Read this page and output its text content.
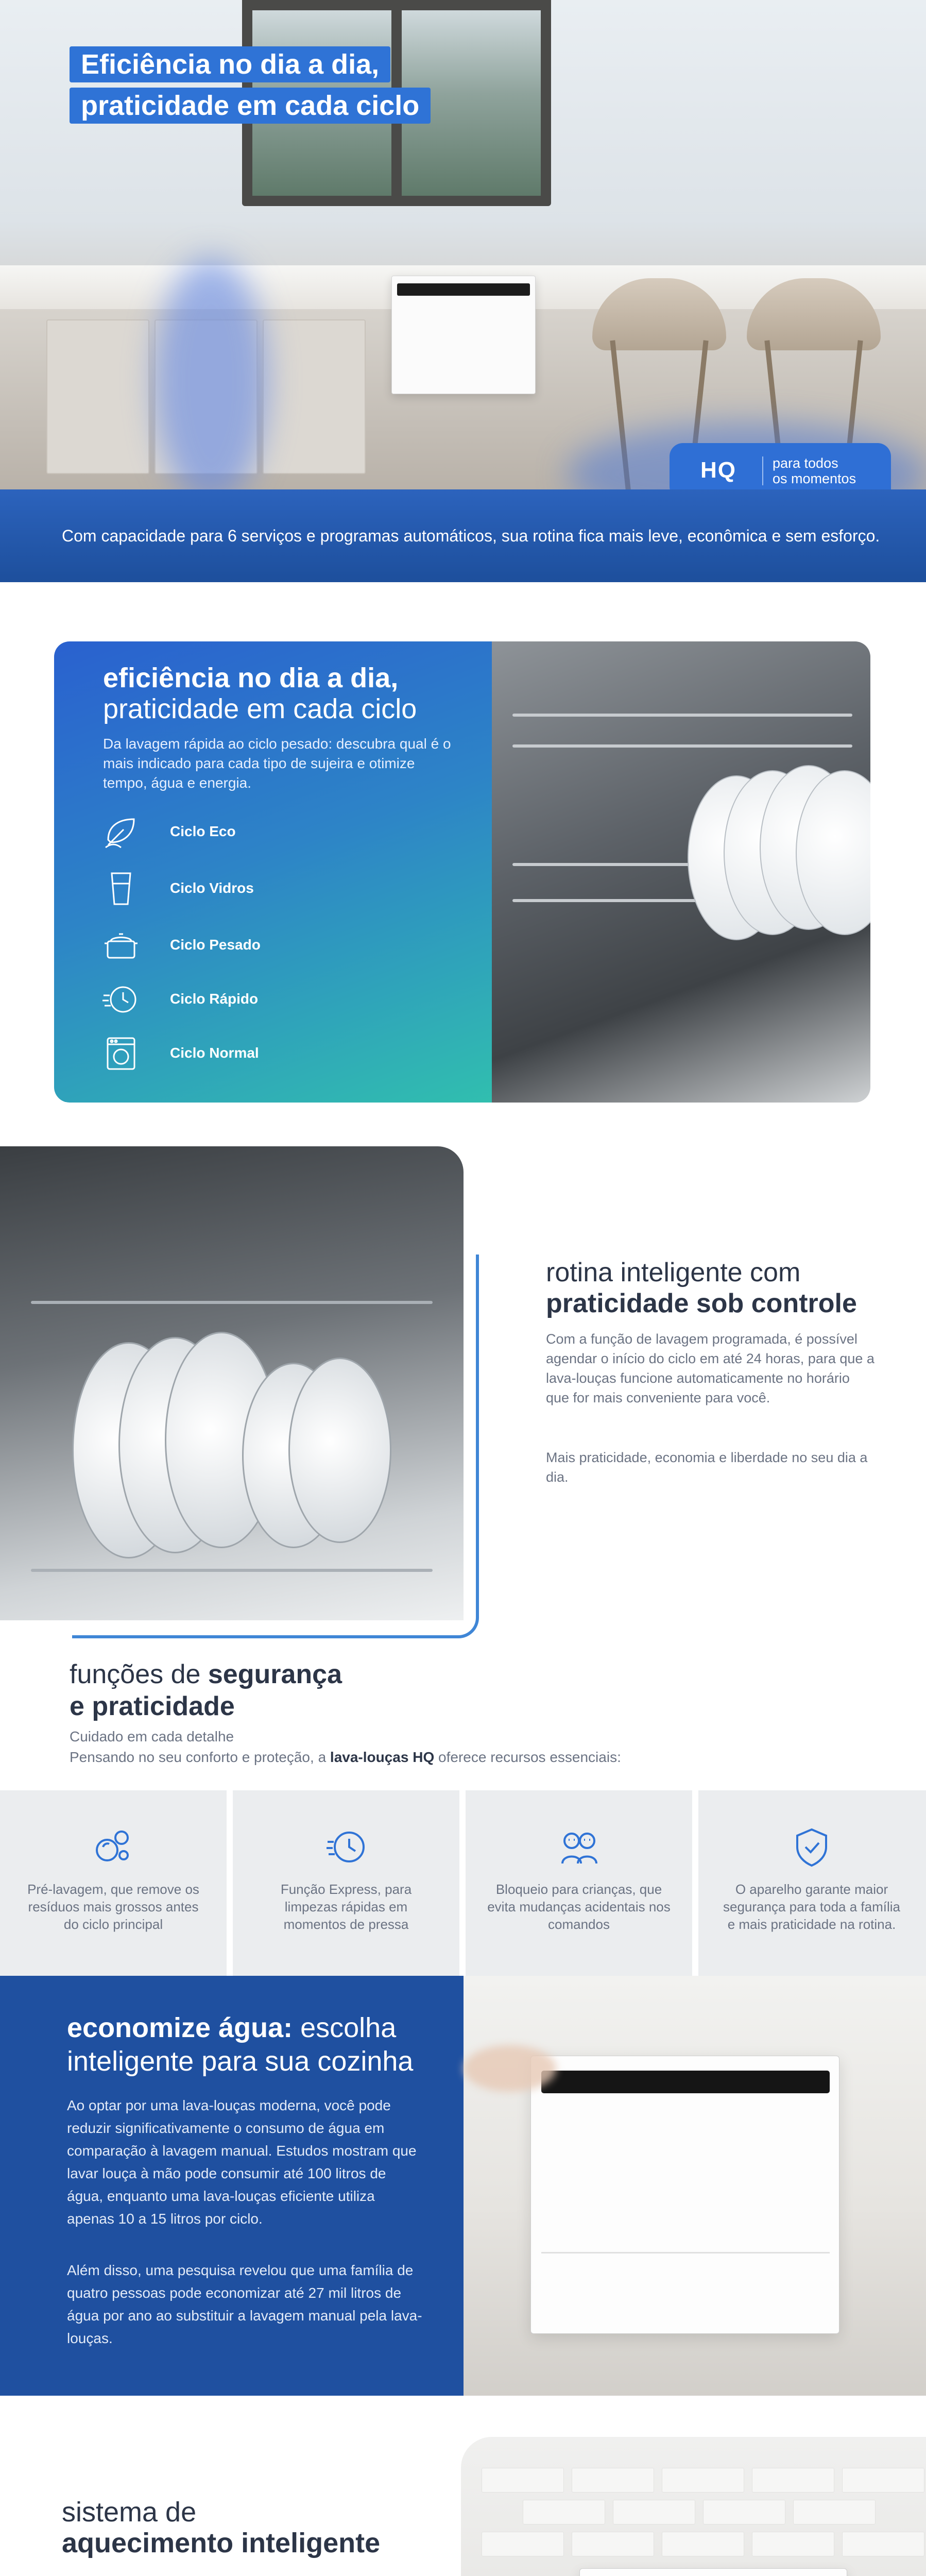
Eficiência no dia a dia,
praticidade em cada ciclo
HQ	para todos
os momentos

Com capacidade para 6 serviços e programas automáticos, sua rotina fica mais leve, econômica e sem esforço.

eficiência no dia a dia,
praticidade em cada ciclo
Da lavagem rápida ao ciclo pesado: descubra qual é o mais indicado para cada tipo de sujeira e otimize tempo, água e energia.
Ciclo Eco
Ciclo Vidros
Ciclo Pesado
Ciclo Rápido
Ciclo Normal
rotina inteligente com
praticidade sob controle
Com a função de lavagem programada, é possível agendar o início do ciclo em até 24 horas, para que a lava-louças funcione automaticamente no horário que for mais conveniente para você.
Mais praticidade, economia e liberdade no seu dia a dia.
funções de segurança
e praticidade
Cuidado em cada detalhe
Pensando no seu conforto e proteção, a lava-louças HQ oferece recursos essenciais:
Pré-lavagem, que remove os resíduos mais grossos antes do ciclo principal
Função Express, para limpezas rápidas em momentos de pressa
Bloqueio para crianças, que evita mudanças acidentais nos comandos
O aparelho garante maior segurança para toda a família e mais praticidade na rotina.
economize água: escolha
inteligente para sua cozinha
Ao optar por uma lava-louças moderna, você pode reduzir significativamente o consumo de água em comparação à lavagem manual. Estudos mostram que lavar louça à mão pode consumir até 100 litros de água, enquanto uma lava-louças eficiente utiliza apenas 10 a 15 litros por ciclo.
Além disso, uma pesquisa revelou que uma família de quatro pessoas pode economizar até 27 mil litros de água por ano ao substituir a lavagem manual pela lava-louças.
sistema de
aquecimento inteligente
